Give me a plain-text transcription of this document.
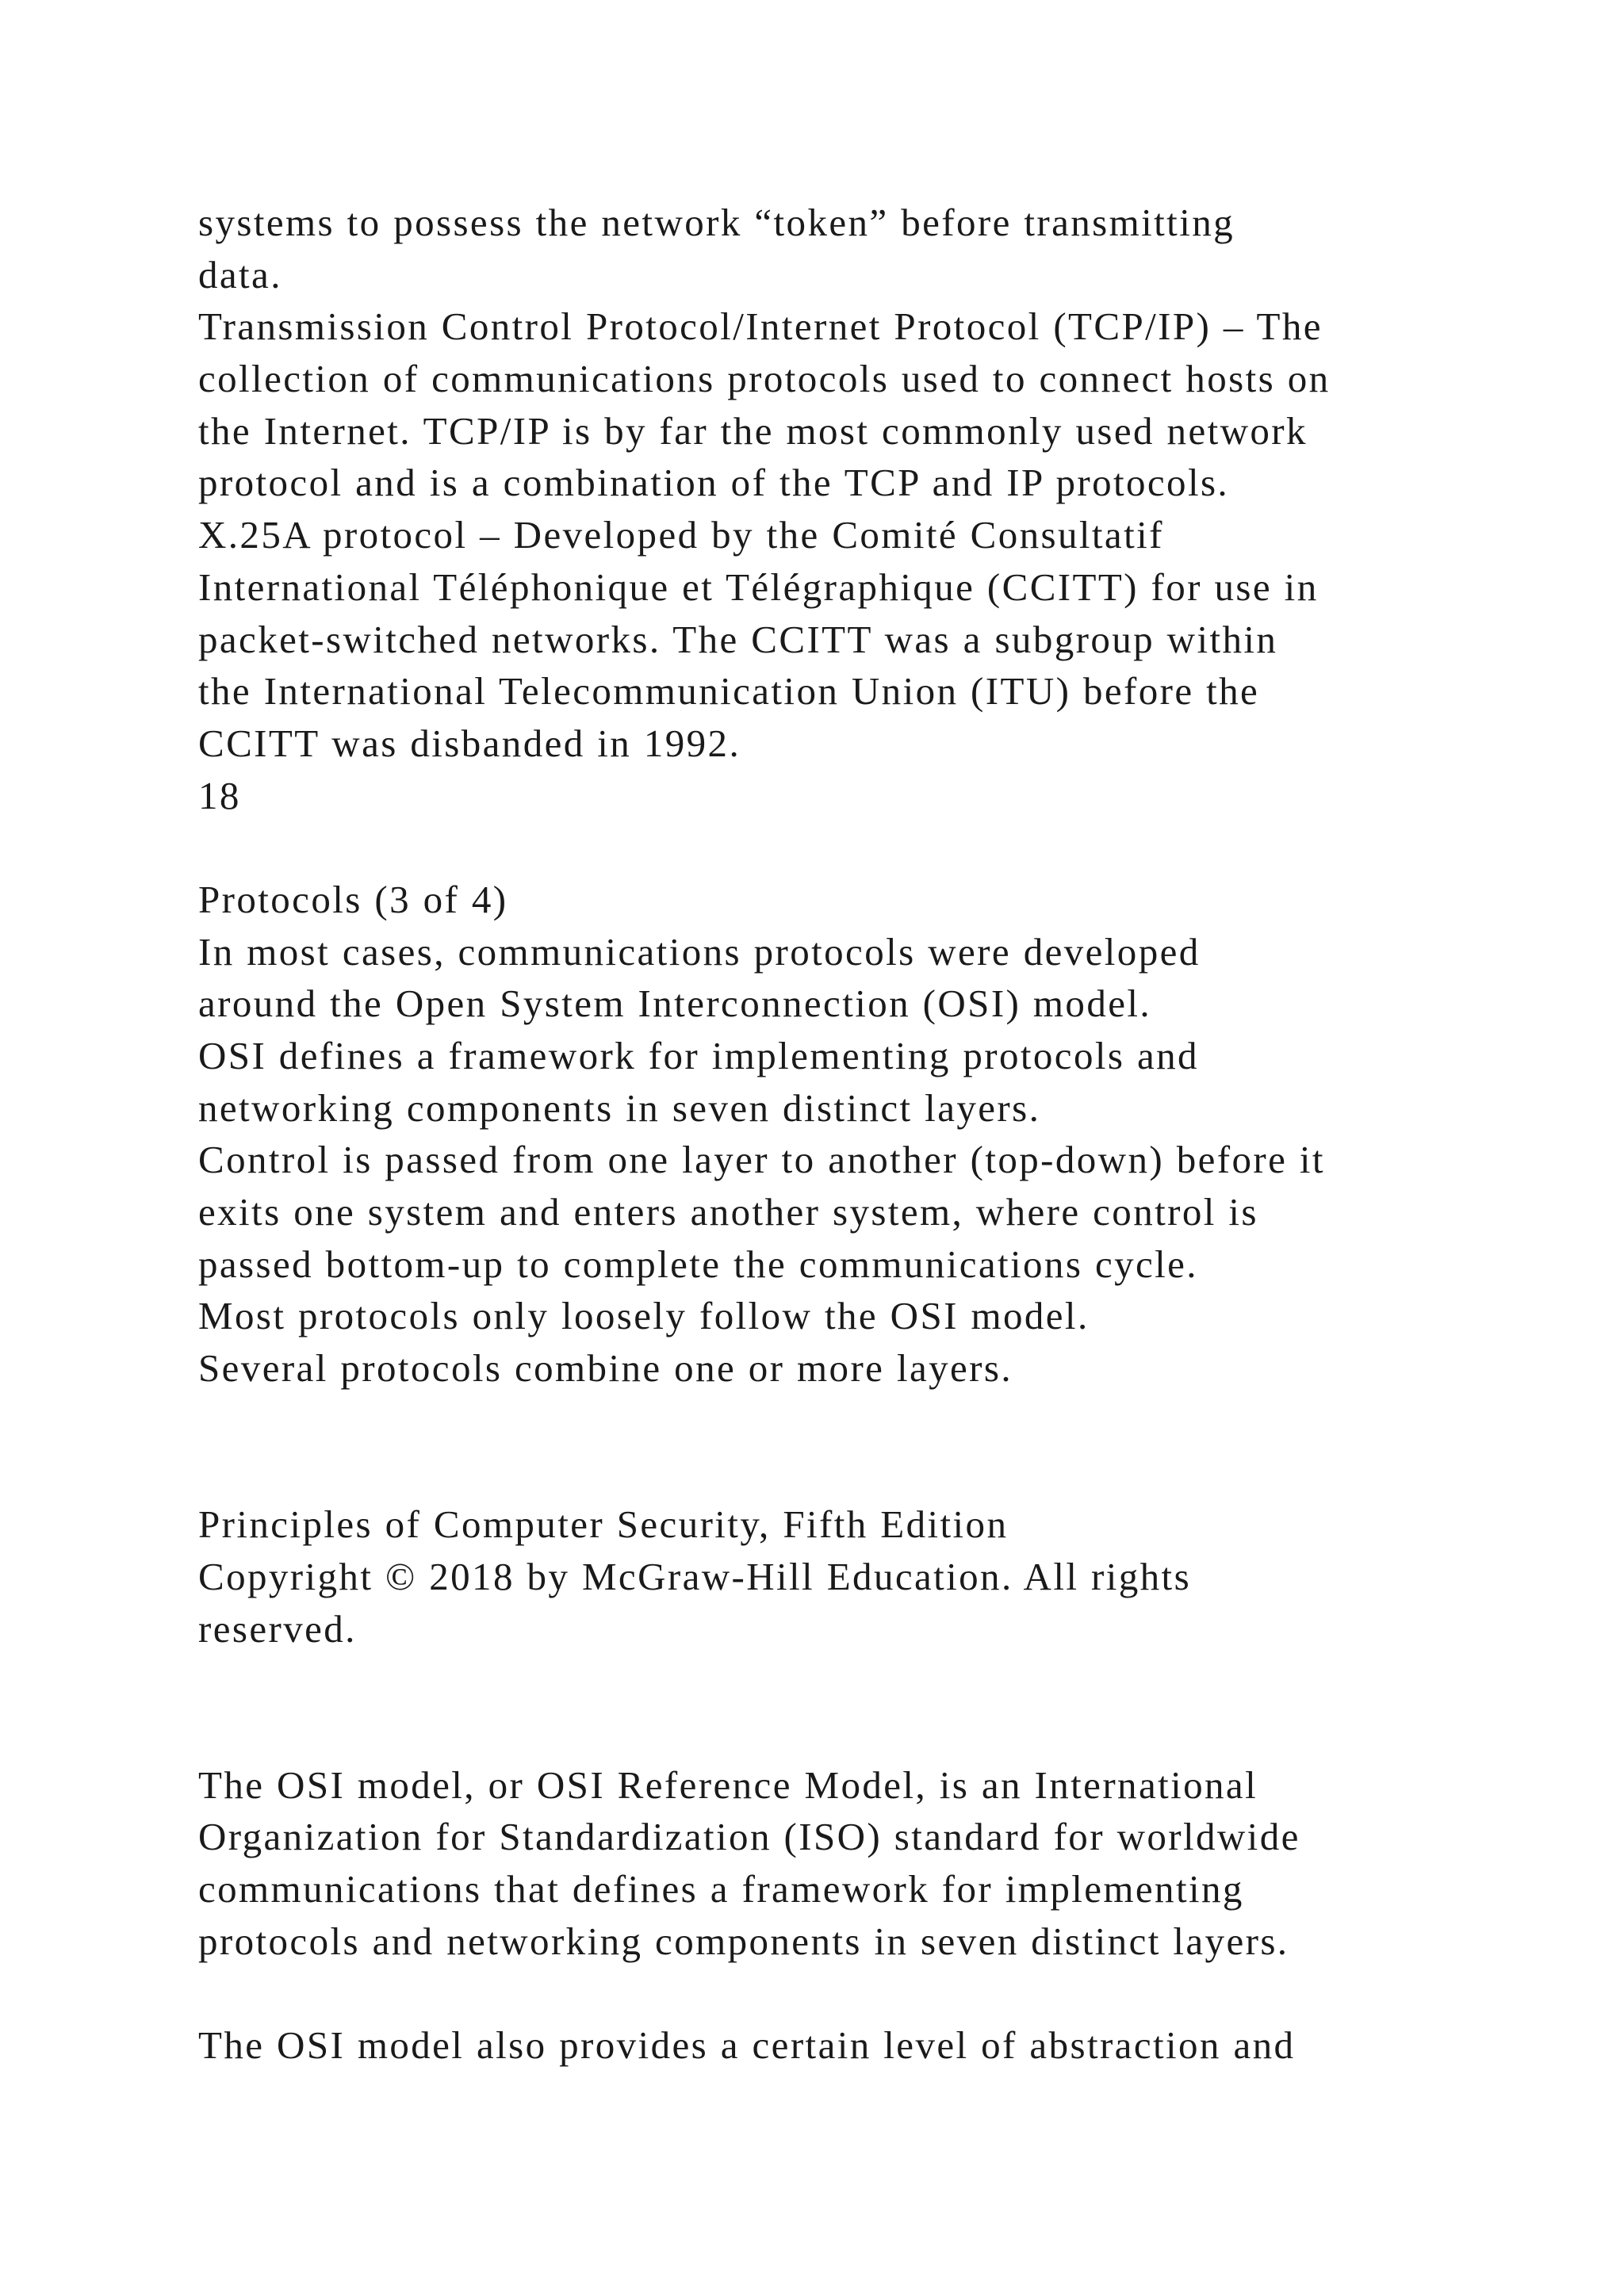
systems to possess the network “token” before transmitting
data.
Transmission Control Protocol/Internet Protocol (TCP/IP) – The
collection of communications protocols used to connect hosts on
the Internet. TCP/IP is by far the most commonly used network
protocol and is a combination of the TCP and IP protocols.
X.25A protocol – Developed by the Comité Consultatif
International Téléphonique et Télégraphique (CCITT) for use in
packet-switched networks. The CCITT was a subgroup within
the International Telecommunication Union (ITU) before the
CCITT was disbanded in 1992.
18
Protocols (3 of 4)
In most cases, communications protocols were developed
around the Open System Interconnection (OSI) model.
OSI defines a framework for implementing protocols and
networking components in seven distinct layers.
Control is passed from one layer to another (top-down) before it
exits one system and enters another system, where control is
passed bottom-up to complete the communications cycle.
Most protocols only loosely follow the OSI model.
Several protocols combine one or more layers.
Principles of Computer Security, Fifth Edition
Copyright © 2018 by McGraw-Hill Education. All rights
reserved.
The OSI model, or OSI Reference Model, is an International
Organization for Standardization (ISO) standard for worldwide
communications that defines a framework for implementing
protocols and networking components in seven distinct layers.
The OSI model also provides a certain level of abstraction and
